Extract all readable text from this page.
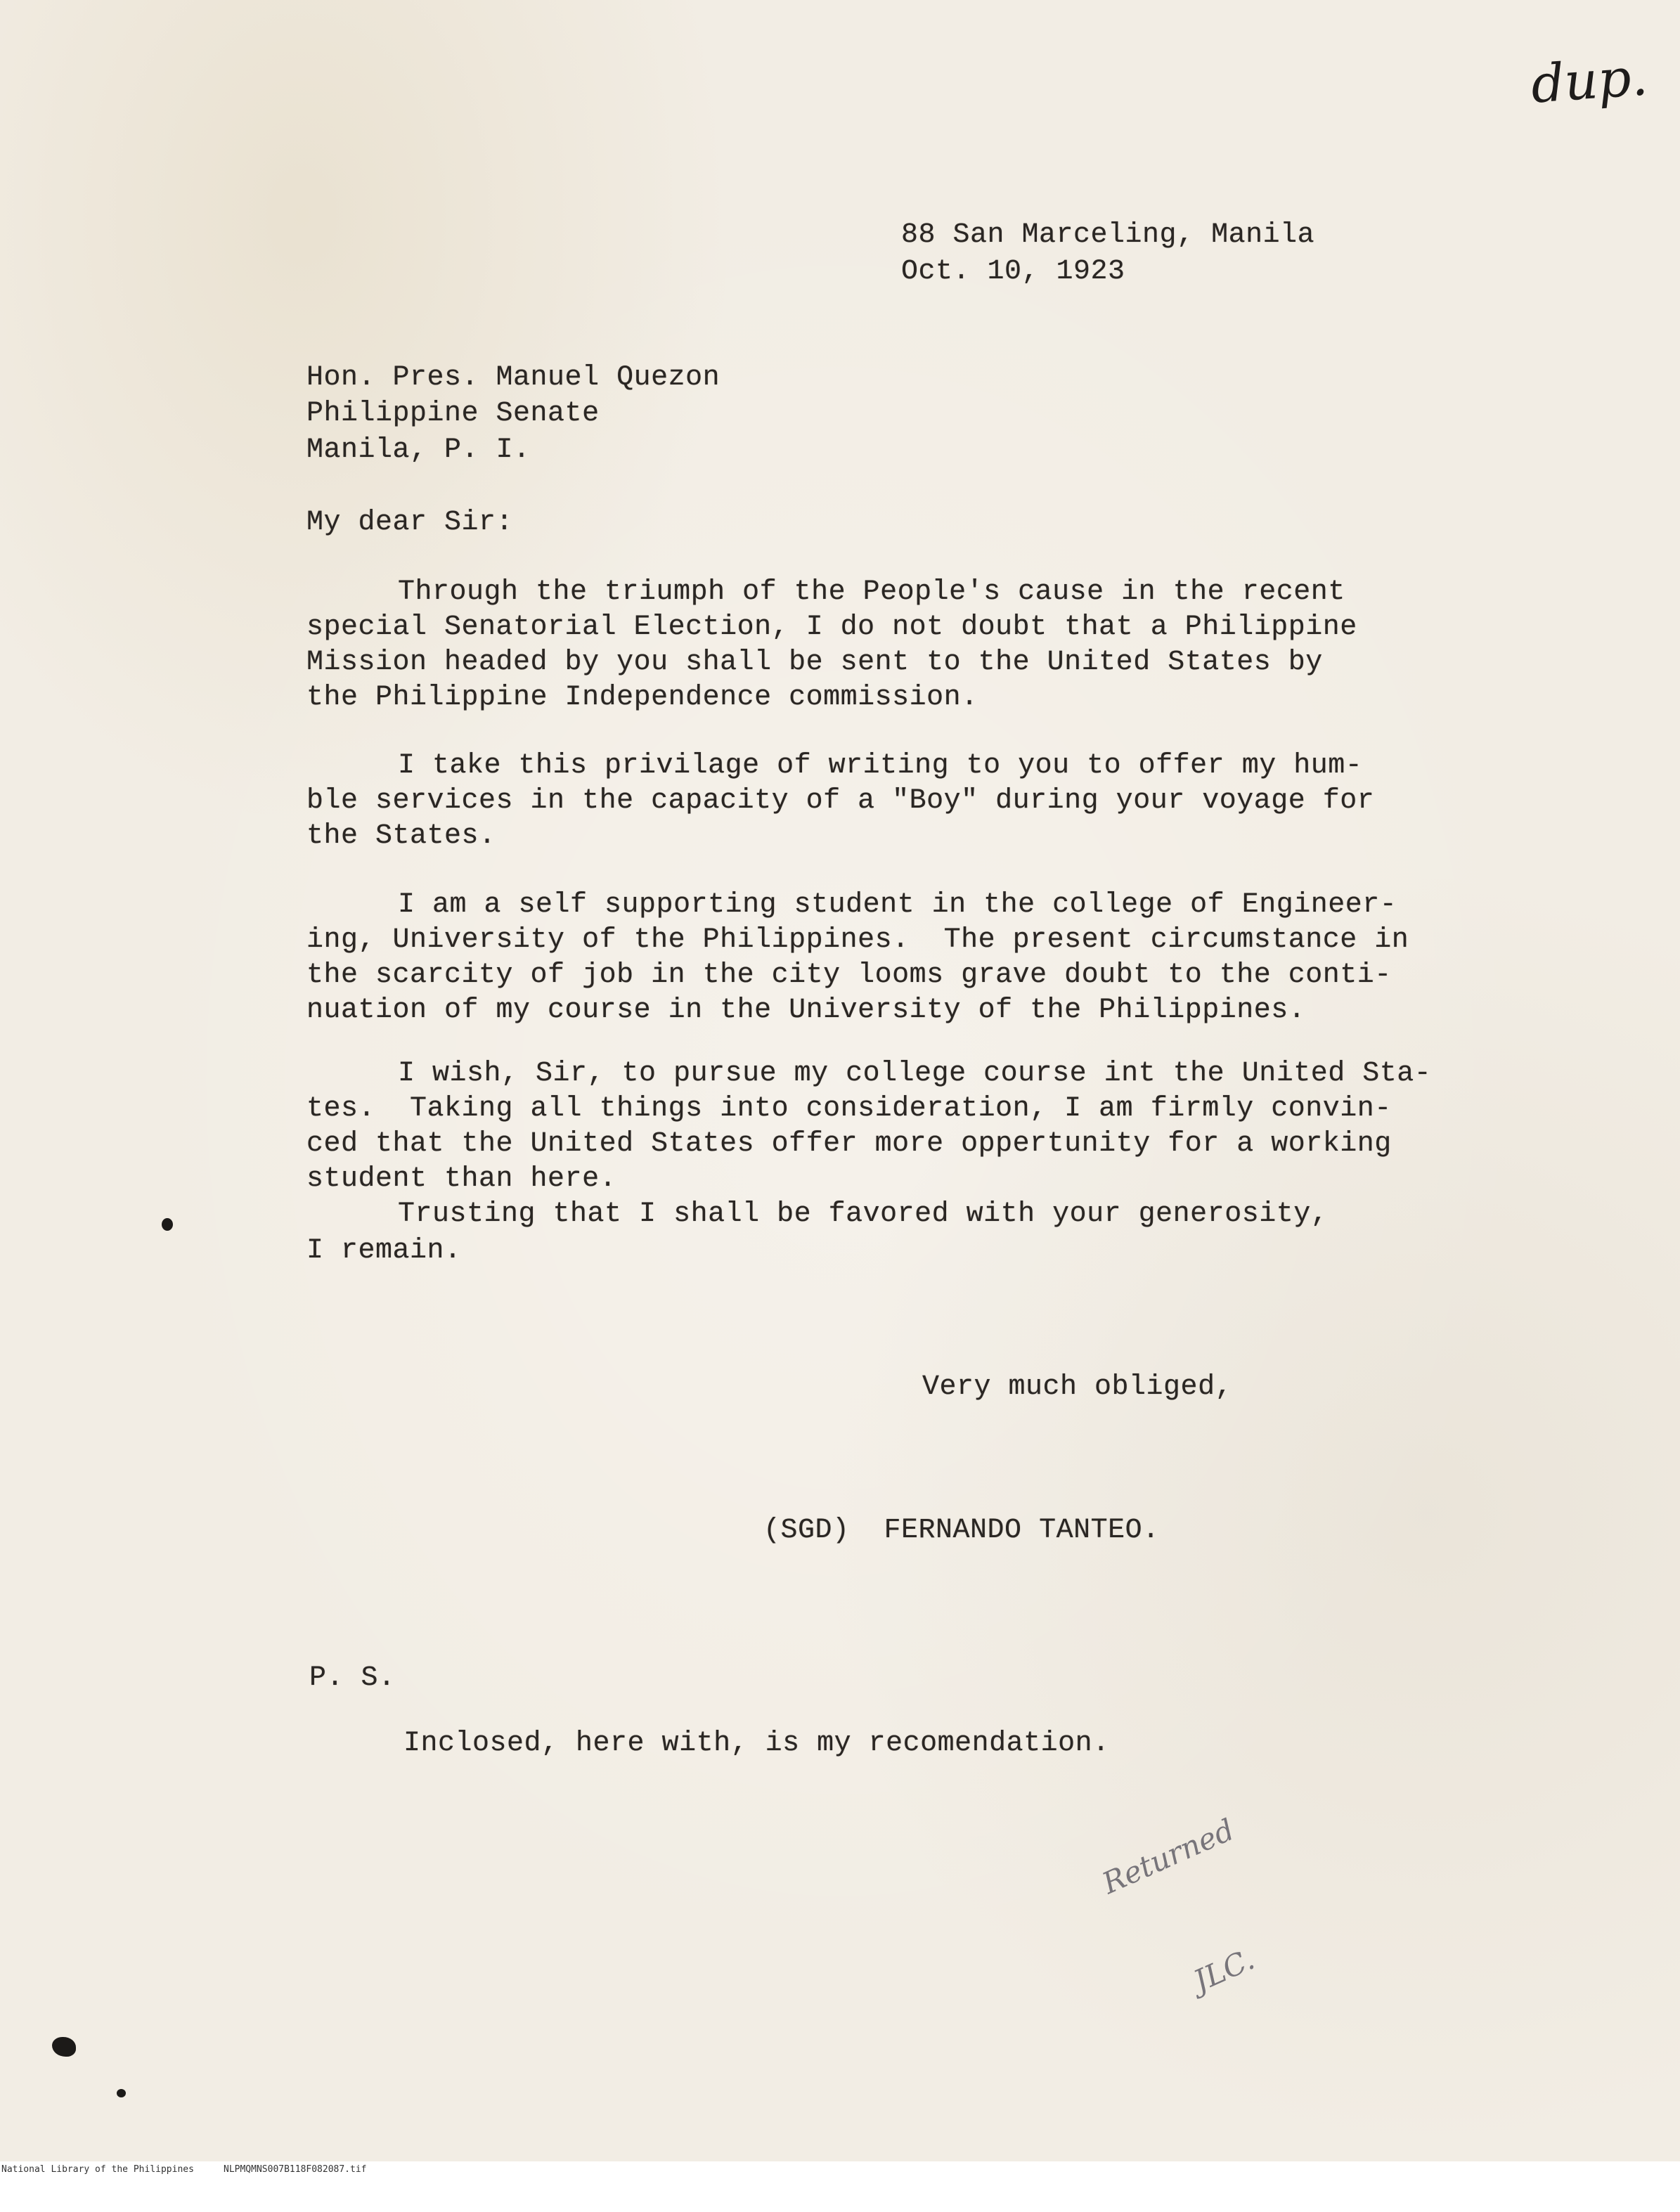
dup.
88 San Marceling, Manila
Oct. 10, 1923
Hon. Pres. Manuel Quezon
Philippine Senate
Manila, P. I.
My dear Sir:
Through the triumph of the People's cause in the recent
special Senatorial Election, I do not doubt that a Philippine
Mission headed by you shall be sent to the United States by
the Philippine Independence commission.
I take this privilage of writing to you to offer my hum-
ble services in the capacity of a "Boy" during your voyage for
the States.
I am a self supporting student in the college of Engineer-
ing, University of the Philippines.  The present circumstance in
the scarcity of job in the city looms grave doubt to the conti-
nuation of my course in the University of the Philippines.
I wish, Sir, to pursue my college course int the United Sta-
tes.  Taking all things into consideration, I am firmly convin-
ced that the United States offer more oppertunity for a working
student than here.
Trusting that I shall be favored with your generosity,
I remain.
Very much obliged,
(SGD)  FERNANDO TANTEO.
P. S.
Inclosed, here with, is my recomendation.

Returned

JLC.

National Library of the Philippines

	NLPMQMNS007B118F082087.tif
